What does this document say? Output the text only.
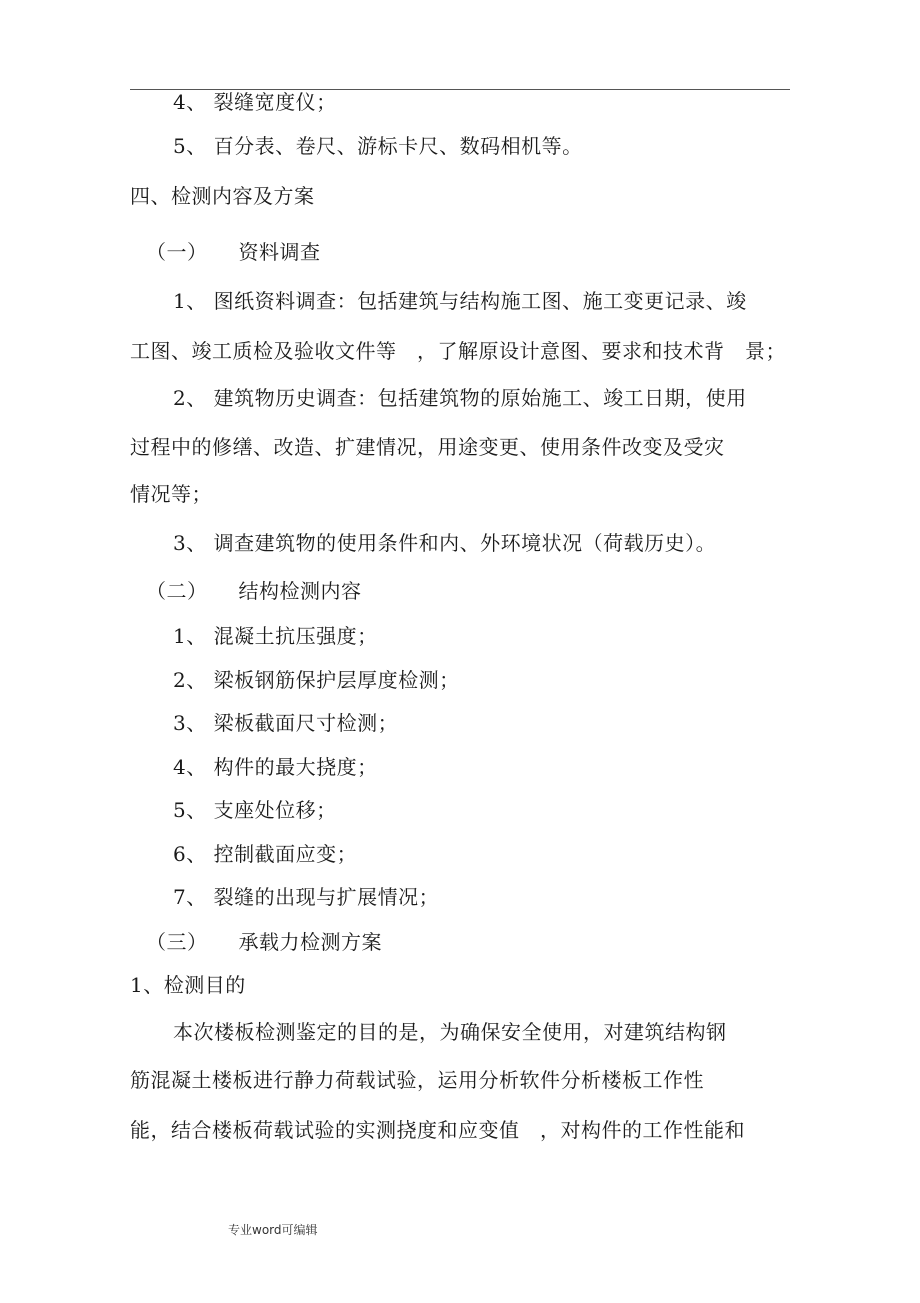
4、 裂缝宽度仪；
5、 百分表、卷尺、游标卡尺、数码相机等。
四、检测内容及方案
（一）　　资料调查
1、 图纸资料调查：包括建筑与结构施工图、施工变更记录、竣
工图、竣工质检及验收文件等　，了解原设计意图、要求和技术背　景；
2、 建筑物历史调查：包括建筑物的原始施工、竣工日期，使用
过程中的修缮、改造、扩建情况，用途变更、使用条件改变及受灾
情况等；
3、 调查建筑物的使用条件和内、外环境状况（荷载历史）。
（二）　　结构检测内容
1、 混凝土抗压强度；
2、 梁板钢筋保护层厚度检测；
3、 梁板截面尺寸检测；
4、 构件的最大挠度；
5、 支座处位移；
6、 控制截面应变；
7、 裂缝的出现与扩展情况；
（三）　　承载力检测方案
1、检测目的
本次楼板检测鉴定的目的是，为确保安全使用，对建筑结构钢
筋混凝土楼板进行静力荷载试验，运用分析软件分析楼板工作性
能，结合楼板荷载试验的实测挠度和应变值　，对构件的工作性能和
专业word可编辑
